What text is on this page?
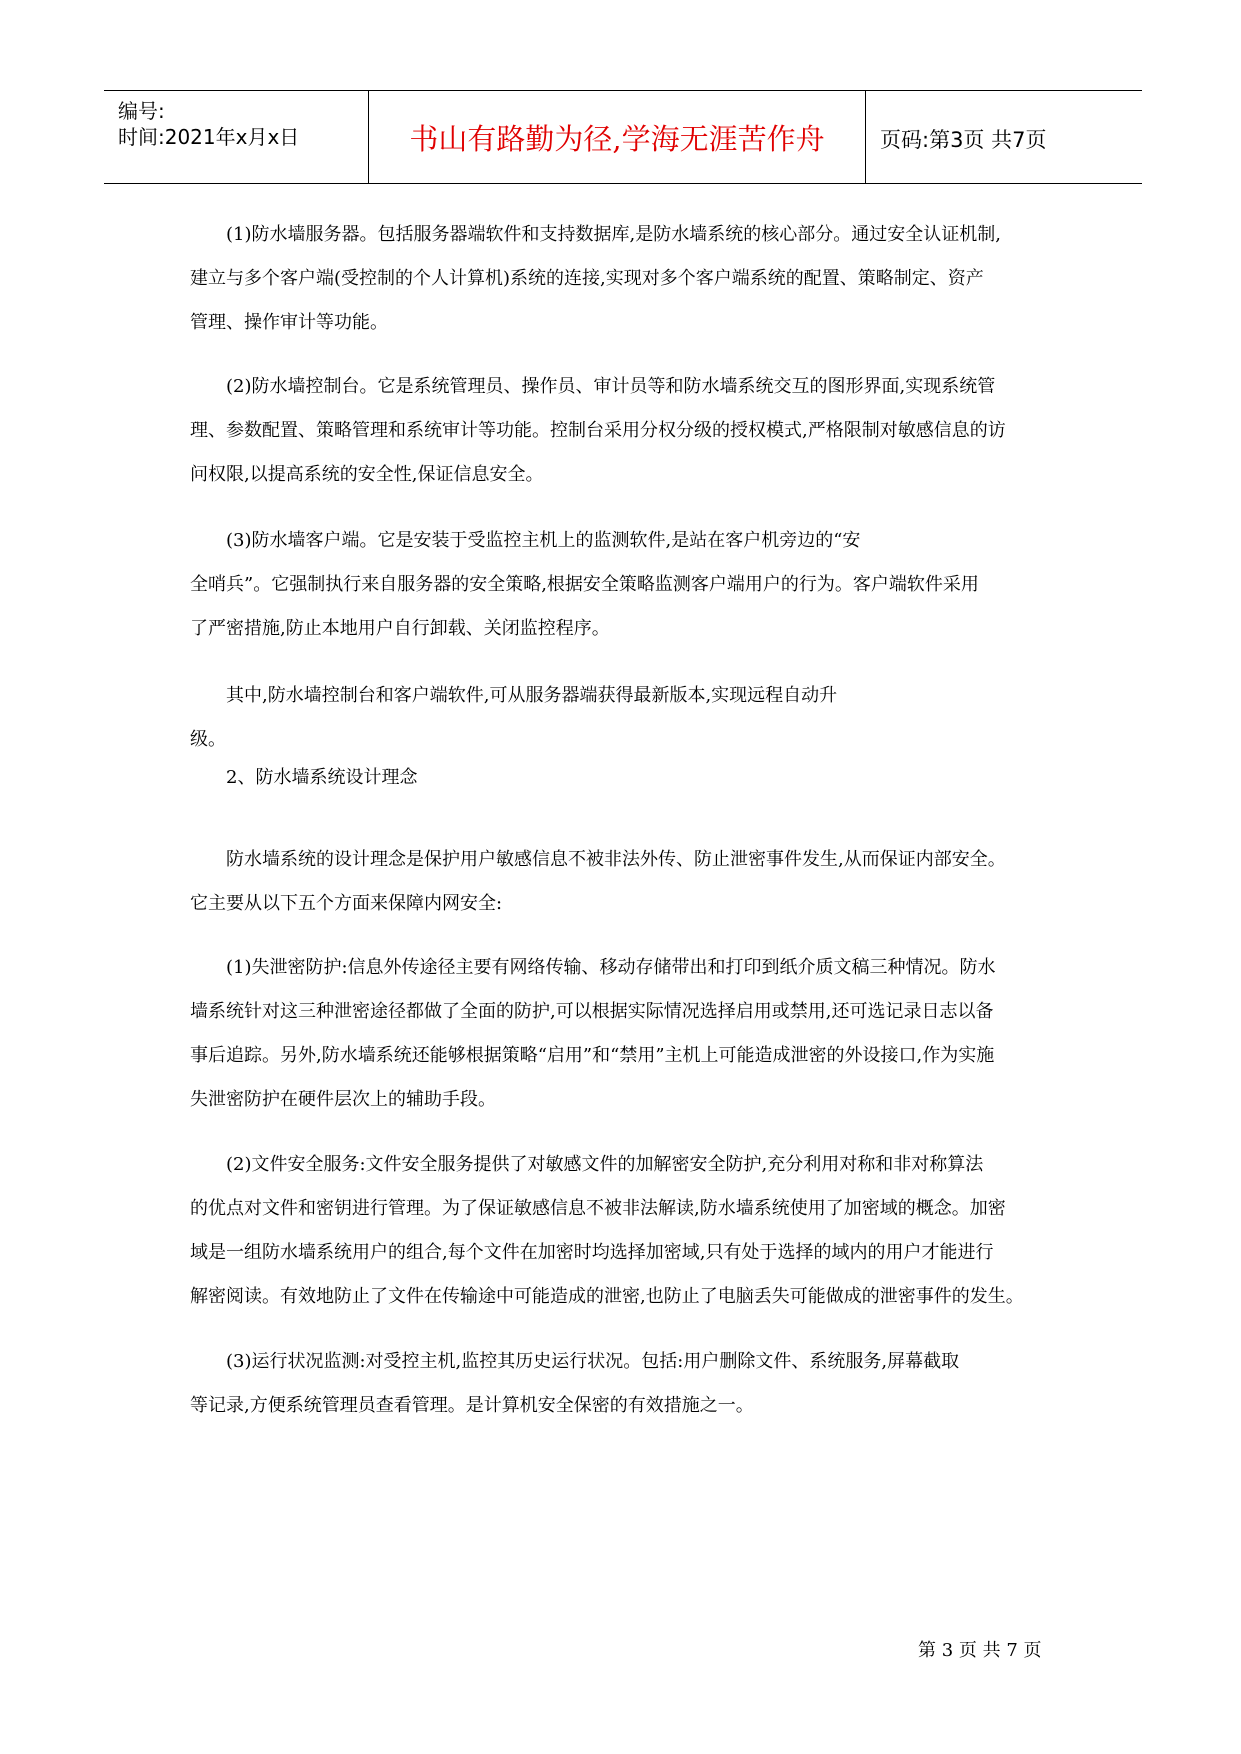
编号:
时间:2021年x月x日	书山有路勤为径,学海无涯苦作舟	页码:第3页 共7页

(1)防水墙服务器。包括服务器端软件和支持数据库,是防水墙系统的核心部分。通过安全认证机制,

建立与多个客户端(受控制的个人计算机)系统的连接,实现对多个客户端系统的配置、策略制定、资产

管理、操作审计等功能。

(2)防水墙控制台。它是系统管理员、操作员、审计员等和防水墙系统交互的图形界面,实现系统管

理、参数配置、策略管理和系统审计等功能。控制台采用分权分级的授权模式,严格限制对敏感信息的访

问权限,以提高系统的安全性,保证信息安全。

(3)防水墙客户端。它是安装于受监控主机上的监测软件,是站在客户机旁边的“安

全哨兵”。它强制执行来自服务器的安全策略,根据安全策略监测客户端用户的行为。客户端软件采用

了严密措施,防止本地用户自行卸载、关闭监控程序。

其中,防水墙控制台和客户端软件,可从服务器端获得最新版本,实现远程自动升

级。

2、防水墙系统设计理念

防水墙系统的设计理念是保护用户敏感信息不被非法外传、防止泄密事件发生,从而保证内部安全。

它主要从以下五个方面来保障内网安全:

(1)失泄密防护:信息外传途径主要有网络传输、移动存储带出和打印到纸介质文稿三种情况。防水

墙系统针对这三种泄密途径都做了全面的防护,可以根据实际情况选择启用或禁用,还可选记录日志以备

事后追踪。另外,防水墙系统还能够根据策略“启用”和“禁用”主机上可能造成泄密的外设接口,作为实施

失泄密防护在硬件层次上的辅助手段。

(2)文件安全服务:文件安全服务提供了对敏感文件的加解密安全防护,充分利用对称和非对称算法

的优点对文件和密钥进行管理。为了保证敏感信息不被非法解读,防水墙系统使用了加密域的概念。加密

域是一组防水墙系统用户的组合,每个文件在加密时均选择加密域,只有处于选择的域内的用户才能进行

解密阅读。有效地防止了文件在传输途中可能造成的泄密,也防止了电脑丢失可能做成的泄密事件的发生。

(3)运行状况监测:对受控主机,监控其历史运行状况。包括:用户删除文件、系统服务,屏幕截取

等记录,方便系统管理员查看管理。是计算机安全保密的有效措施之一。

第 3 页 共 7 页
